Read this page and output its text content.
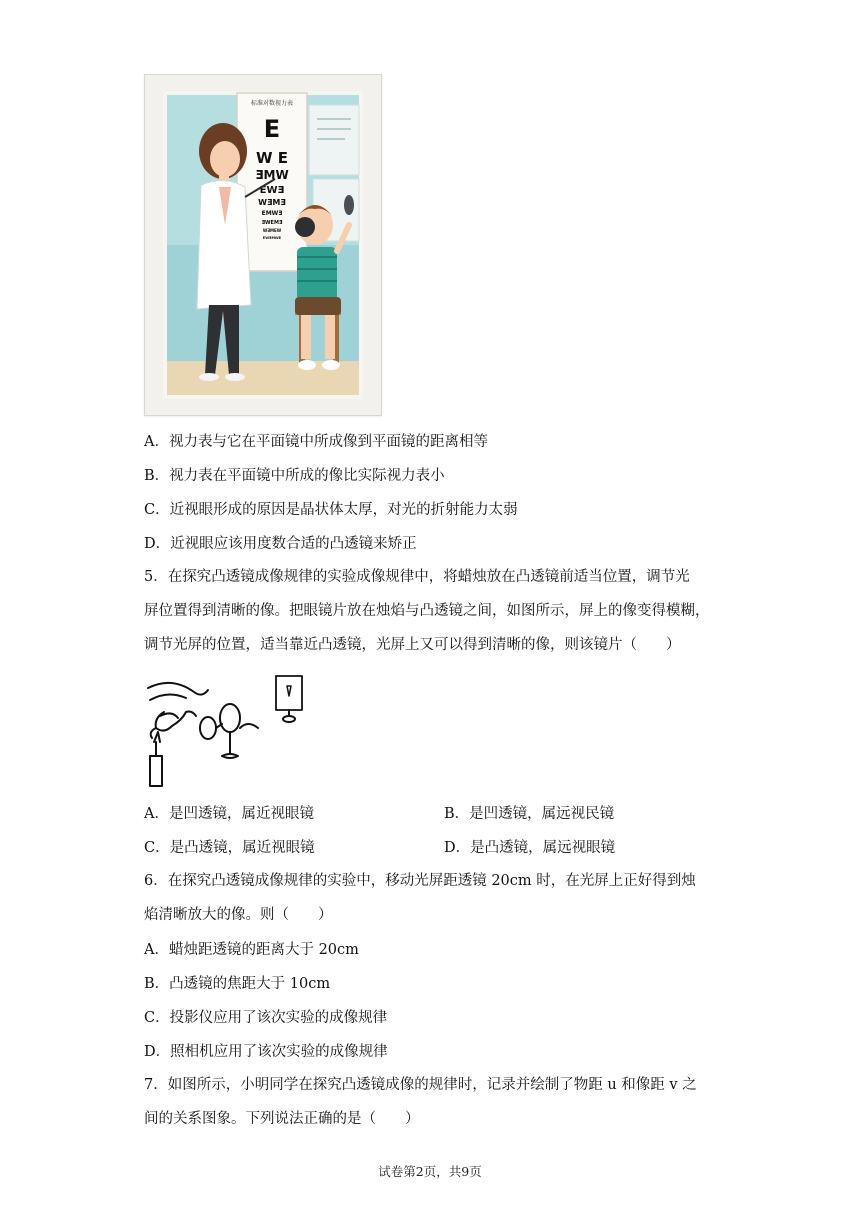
标准对数视力表
E
W E
ƎMW
EWƎ
WƎMƎ
EMWƎ
ƎWEMƎ
WƎMEW
EWƎMWE
A．视力表与它在平面镜中所成像到平面镜的距离相等
B．视力表在平面镜中所成的像比实际视力表小
C．近视眼形成的原因是晶状体太厚，对光的折射能力太弱
D．近视眼应该用度数合适的凸透镜来矫正
5．在探究凸透镜成像规律的实验成像规律中，将蜡烛放在凸透镜前适当位置，调节光
屏位置得到清晰的像。把眼镜片放在烛焰与凸透镜之间，如图所示，屏上的像变得模糊，
调节光屏的位置，适当靠近凸透镜，光屏上又可以得到清晰的像，则该镜片（　　）
A．是凹透镜，属近视眼镜	B．是凹透镜，属远视民镜
C．是凸透镜，属近视眼镜	D．是凸透镜，属远视眼镜
6．在探究凸透镜成像规律的实验中，移动光屏距透镜 20cm 时，在光屏上正好得到烛
焰清晰放大的像。则（　　）
A．蜡烛距透镜的距离大于 20cm
B．凸透镜的焦距大于 10cm
C．投影仪应用了该次实验的成像规律
D．照相机应用了该次实验的成像规律
7．如图所示，小明同学在探究凸透镜成像的规律时，记录并绘制了物距 u 和像距 v 之
间的关系图象。下列说法正确的是（　　）
试卷第2页，共9页
